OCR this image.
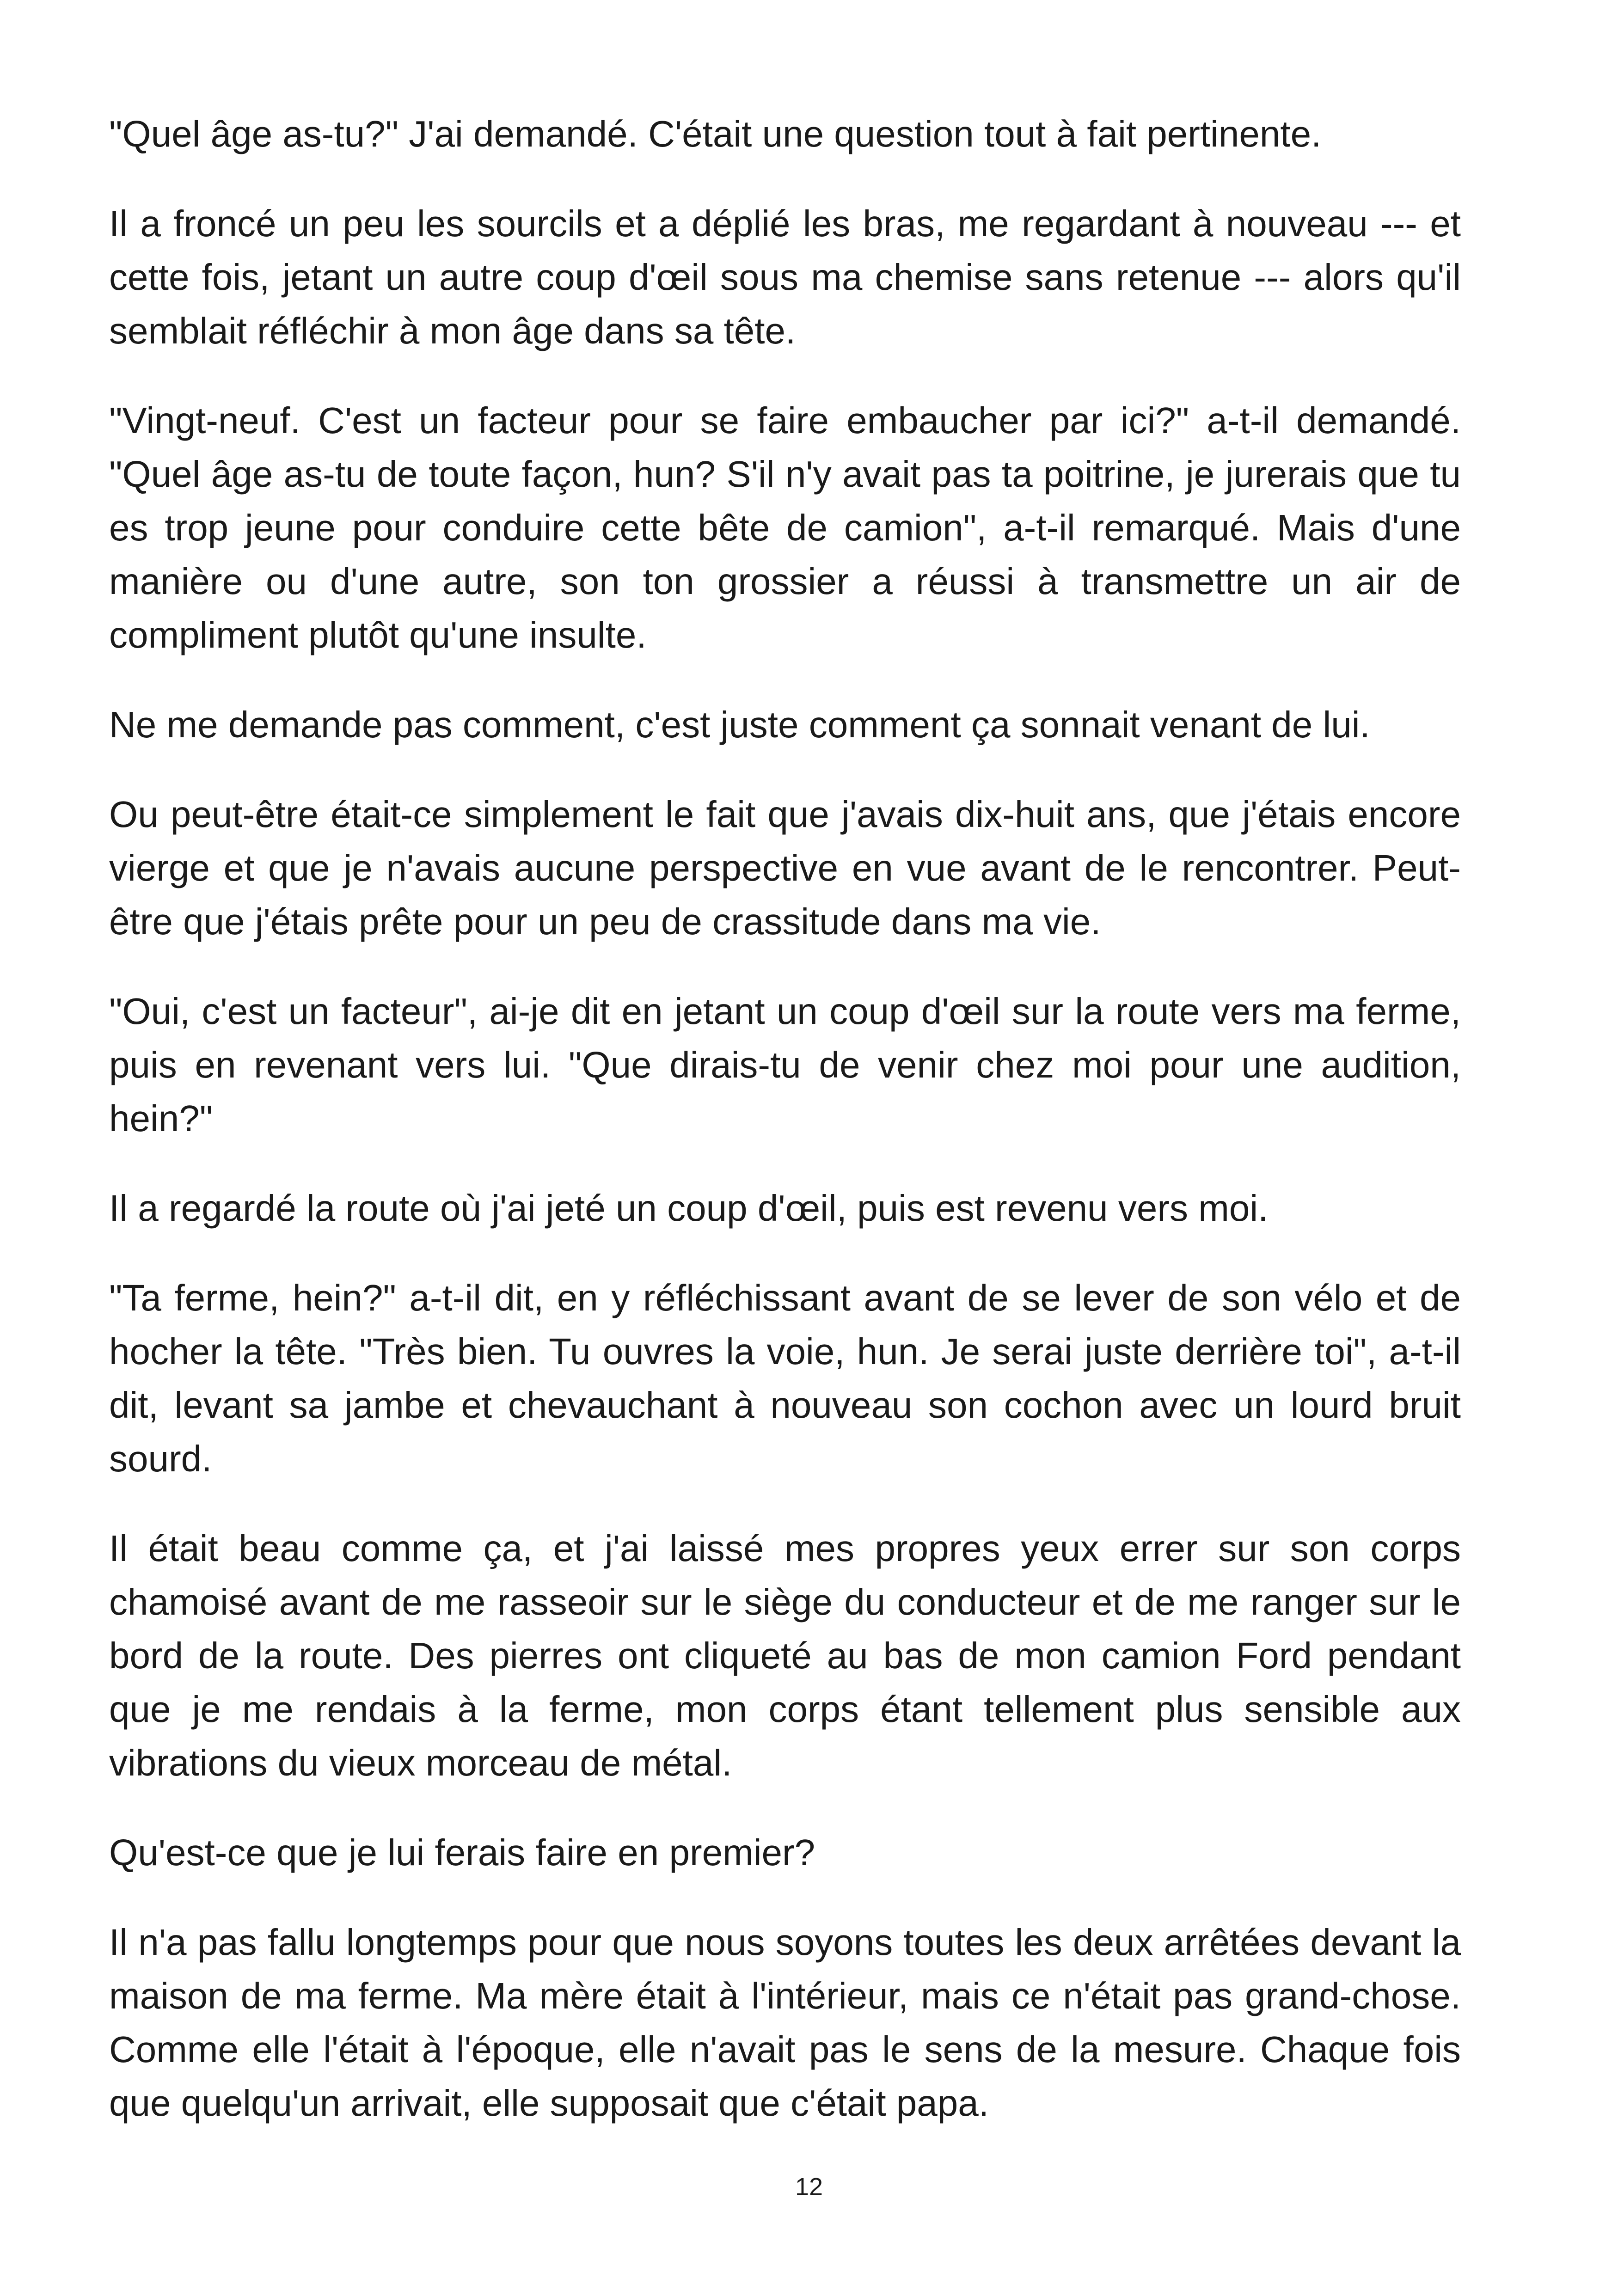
"Quel âge as-tu?" J'ai demandé. C'était une question tout à fait pertinente.

Il a froncé un peu les sourcils et a déplié les bras, me regardant à nouveau --- et cette fois, jetant un autre coup d'œil sous ma chemise sans retenue --- alors qu'il semblait réfléchir à mon âge dans sa tête.

"Vingt-neuf. C'est un facteur pour se faire embaucher par ici?" a-t-il demandé. "Quel âge as-tu de toute façon, hun? S'il n'y avait pas ta poitrine, je jurerais que tu es trop jeune pour conduire cette bête de camion", a-t-il remarqué. Mais d'une manière ou d'une autre, son ton grossier a réussi à transmettre un air de compliment plutôt qu'une insulte.

Ne me demande pas comment, c'est juste comment ça sonnait venant de lui.

Ou peut-être était-ce simplement le fait que j'avais dix-huit ans, que j'étais encore vierge et que je n'avais aucune perspective en vue avant de le rencontrer. Peut-être que j'étais prête pour un peu de crassitude dans ma vie.

"Oui, c'est un facteur", ai-je dit en jetant un coup d'œil sur la route vers ma ferme, puis en revenant vers lui. "Que dirais-tu de venir chez moi pour une audition, hein?"

Il a regardé la route où j'ai jeté un coup d'œil, puis est revenu vers moi.

"Ta ferme, hein?" a-t-il dit, en y réfléchissant avant de se lever de son vélo et de hocher la tête. "Très bien. Tu ouvres la voie, hun. Je serai juste derrière toi", a-t-il dit, levant sa jambe et chevauchant à nouveau son cochon avec un lourd bruit sourd.

Il était beau comme ça, et j'ai laissé mes propres yeux errer sur son corps chamoisé avant de me rasseoir sur le siège du conducteur et de me ranger sur le bord de la route. Des pierres ont cliqueté au bas de mon camion Ford pendant que je me rendais à la ferme, mon corps étant tellement plus sensible aux vibrations du vieux morceau de métal.

Qu'est-ce que je lui ferais faire en premier?

Il n'a pas fallu longtemps pour que nous soyons toutes les deux arrêtées devant la maison de ma ferme. Ma mère était à l'intérieur, mais ce n'était pas grand-chose. Comme elle l'était à l'époque, elle n'avait pas le sens de la mesure. Chaque fois que quelqu'un arrivait, elle supposait que c'était papa.

12
